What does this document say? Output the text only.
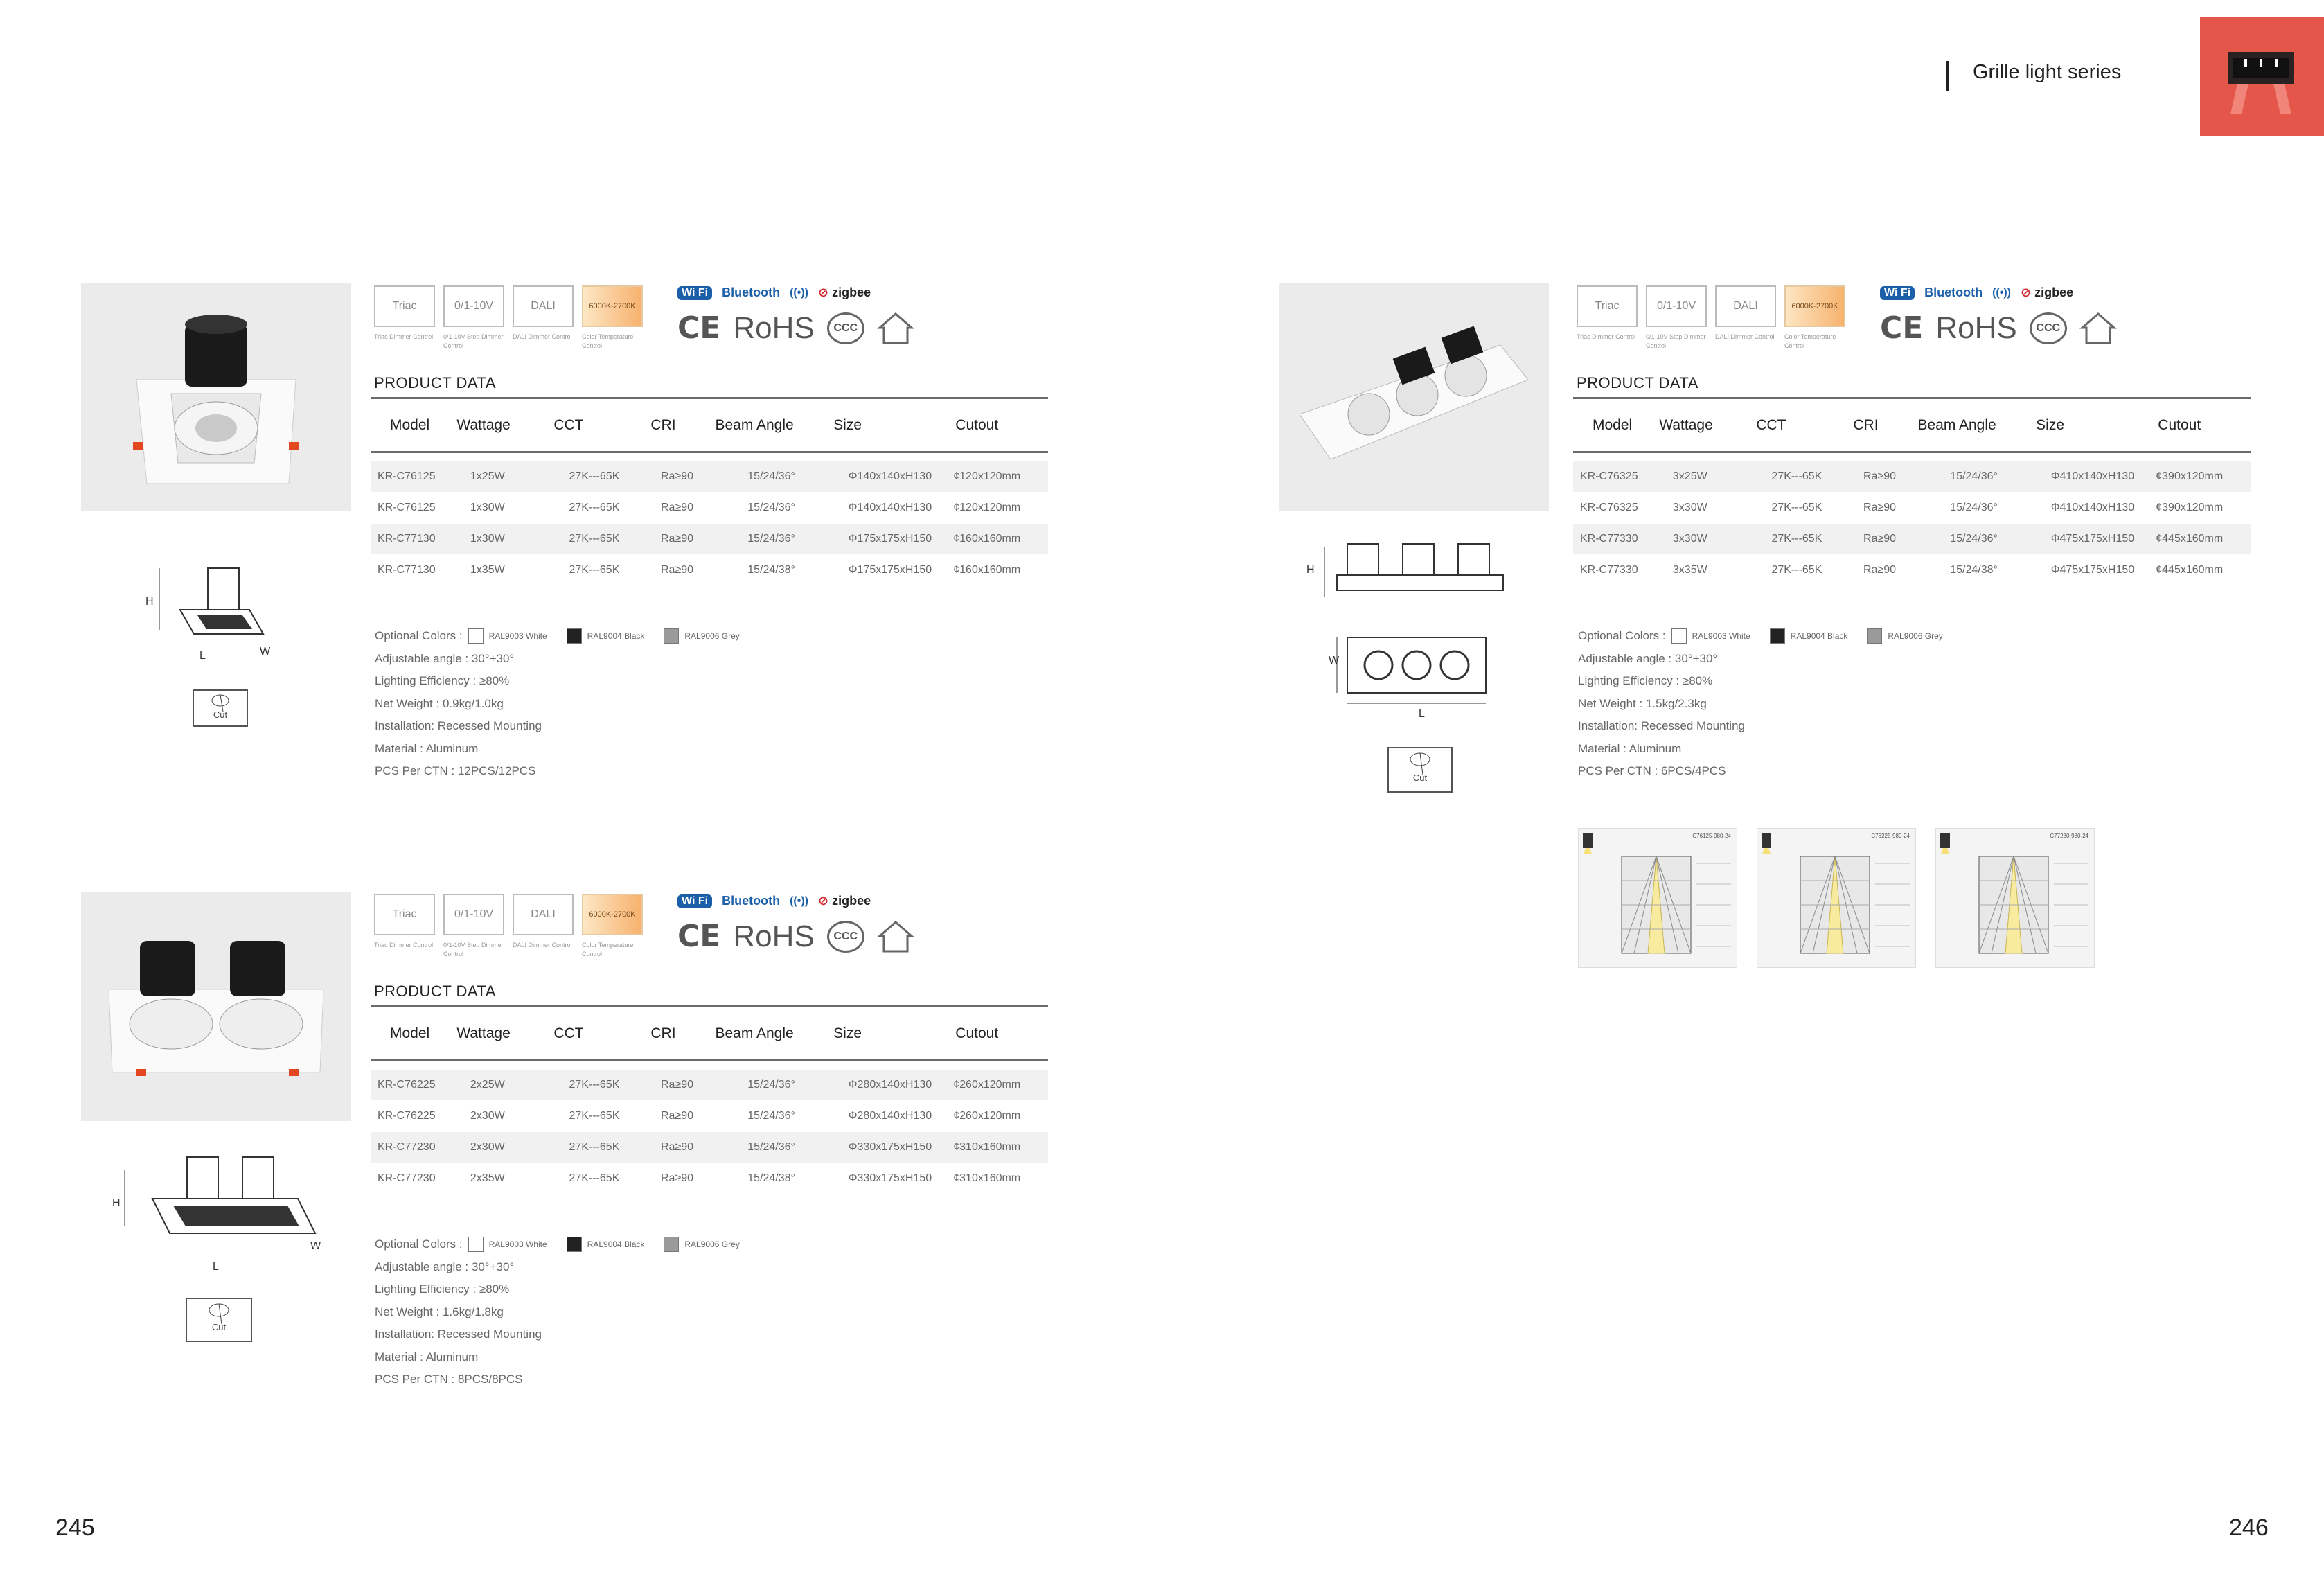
Grille light series
H
L	W
Cut
Triac
Triac Dimmer Control
0/1-10V
0/1-10V Step Dimmer Control
DALI
DALI Dimmer Control
6000K-2700K
Color Temperature Control
Wi Fi	Bluetooth ((•)) ⊘ zigbee
CE RoHS	CCC
PRODUCT DATA
Model	Wattage	CCT	CRI	Beam Angle	Size	Cutout
KR-C76125	1x25W	27K---65K	Ra≥90	15/24/36°	Φ140x140xH130	¢120x120mm
KR-C76125	1x30W	27K---65K	Ra≥90	15/24/36°	Φ140x140xH130	¢120x120mm
KR-C77130	1x30W	27K---65K	Ra≥90	15/24/36°	Φ175x175xH150	¢160x160mm
KR-C77130	1x35W	27K---65K	Ra≥90	15/24/38°	Φ175x175xH150	¢160x160mm
Optional Colors :	RAL9003 White	RAL9004 Black	RAL9006 Grey
Adjustable angle : 30°+30°
Lighting Efficiency : ≥80%
Net Weight : 0.9kg/1.0kg
Installation: Recessed Mounting
Material : Aluminum
PCS Per CTN : 12PCS/12PCS
H
L
W
Cut
Triac
Triac Dimmer Control
0/1-10V
0/1-10V Step Dimmer Control
DALI
DALI Dimmer Control
6000K-2700K
Color Temperature Control
Wi Fi	Bluetooth ((•)) ⊘ zigbee
CE RoHS	CCC
PRODUCT DATA
Model	Wattage	CCT	CRI	Beam Angle	Size	Cutout
KR-C76225	2x25W	27K---65K	Ra≥90	15/24/36°	Φ280x140xH130	¢260x120mm
KR-C76225	2x30W	27K---65K	Ra≥90	15/24/36°	Φ280x140xH130	¢260x120mm
KR-C77230	2x30W	27K---65K	Ra≥90	15/24/36°	Φ330x175xH150	¢310x160mm
KR-C77230	2x35W	27K---65K	Ra≥90	15/24/38°	Φ330x175xH150	¢310x160mm
Optional Colors :	RAL9003 White	RAL9004 Black	RAL9006 Grey
Adjustable angle : 30°+30°
Lighting Efficiency : ≥80%
Net Weight : 1.6kg/1.8kg
Installation: Recessed Mounting
Material : Aluminum
PCS Per CTN : 8PCS/8PCS
H
W
L
Cut
Triac
Triac Dimmer Control
0/1-10V
0/1-10V Step Dimmer Control
DALI
DALI Dimmer Control
6000K-2700K
Color Temperature Control
Wi Fi	Bluetooth ((•)) ⊘ zigbee
CE RoHS	CCC
PRODUCT DATA
Model	Wattage	CCT	CRI	Beam Angle	Size	Cutout
KR-C76325	3x25W	27K---65K	Ra≥90	15/24/36°	Φ410x140xH130	¢390x120mm
KR-C76325	3x30W	27K---65K	Ra≥90	15/24/36°	Φ410x140xH130	¢390x120mm
KR-C77330	3x30W	27K---65K	Ra≥90	15/24/36°	Φ475x175xH150	¢445x160mm
KR-C77330	3x35W	27K---65K	Ra≥90	15/24/38°	Φ475x175xH150	¢445x160mm
Optional Colors :	RAL9003 White	RAL9004 Black	RAL9006 Grey
Adjustable angle : 30°+30°
Lighting Efficiency : ≥80%
Net Weight : 1.5kg/2.3kg
Installation: Recessed Mounting
Material : Aluminum
PCS Per CTN : 6PCS/4PCS
C76125-980-24	C76225-980-24	C77230-980-24
245	246
